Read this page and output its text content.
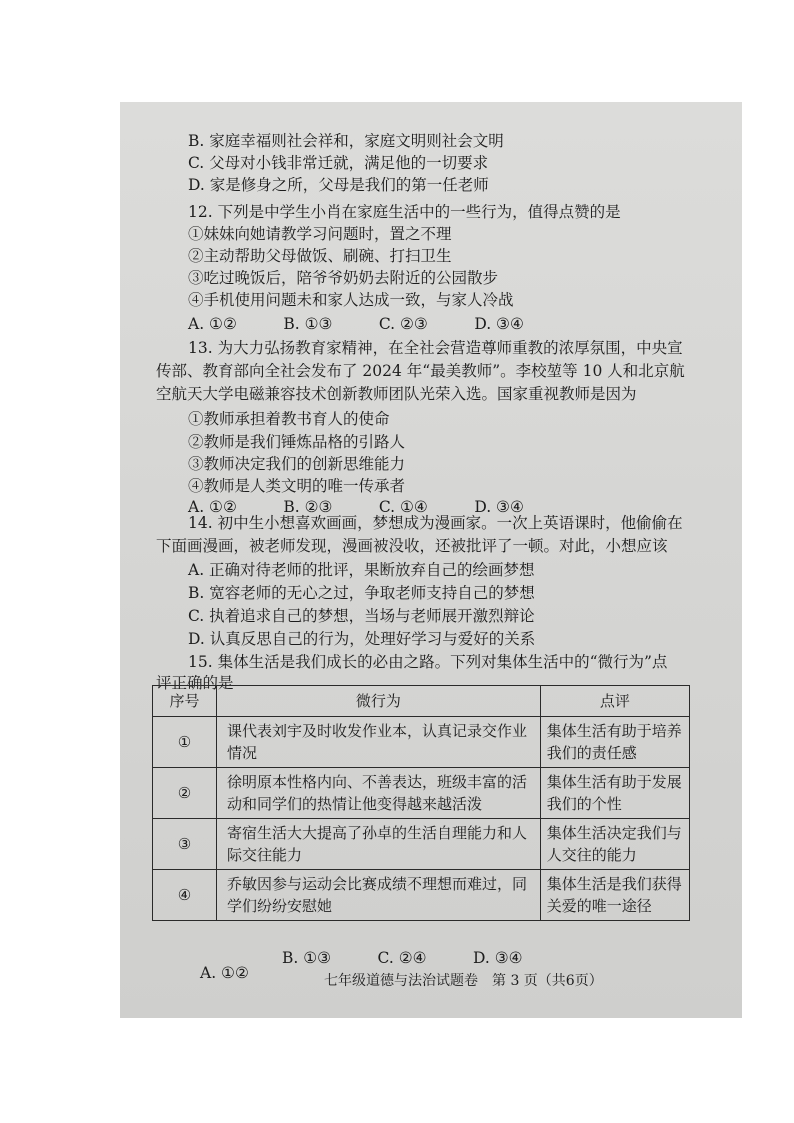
B. 家庭幸福则社会祥和，家庭文明则社会文明
C. 父母对小钱非常迁就，满足他的一切要求
D. 家是修身之所，父母是我们的第一任老师
12. 下列是中学生小肖在家庭生活中的一些行为，值得点赞的是
①妹妹向她请教学习问题时，置之不理
②主动帮助父母做饭、刷碗、打扫卫生
③吃过晚饭后，陪爷爷奶奶去附近的公园散步
④手机使用问题未和家人达成一致，与家人冷战
A. ①②　　　B. ①③　　　C. ②③　　　D. ③④
13. 为大力弘扬教育家精神，在全社会营造尊师重教的浓厚氛围，中央宣
传部、教育部向全社会发布了 2024 年“最美教师”。李校堃等 10 人和北京航
空航天大学电磁兼容技术创新教师团队光荣入选。国家重视教师是因为
①教师承担着教书育人的使命
②教师是我们锤炼品格的引路人
③教师决定我们的创新思维能力
④教师是人类文明的唯一传承者
A. ①②　　　B. ②③　　　C. ①④　　　D. ③④
14. 初中生小想喜欢画画，梦想成为漫画家。一次上英语课时，他偷偷在
下面画漫画，被老师发现，漫画被没收，还被批评了一顿。对此，小想应该
A. 正确对待老师的批评，果断放弃自己的绘画梦想
B. 宽容老师的无心之过，争取老师支持自己的梦想
C. 执着追求自己的梦想，当场与老师展开激烈辩论
D. 认真反思自己的行为，处理好学习与爱好的关系
15. 集体生活是我们成长的必由之路。下列对集体生活中的“微行为”点
评正确的是
序号	微行为	点评
①	课代表刘宇及时收发作业本，认真记录交作业情况	集体生活有助于培养我们的责任感
②	徐明原本性格内向、不善表达，班级丰富的活动和同学们的热情让他变得越来越活泼	集体生活有助于发展我们的个性
③	寄宿生活大大提高了孙卓的生活自理能力和人际交往能力	集体生活决定我们与人交往的能力
④	乔敏因参与运动会比赛成绩不理想而难过，同学们纷纷安慰她	集体生活是我们获得关爱的唯一途径
A. ①②
B. ①③　　　C. ②④　　　D. ③④
七年级道德与法治试题卷　第 3 页（共6页）
